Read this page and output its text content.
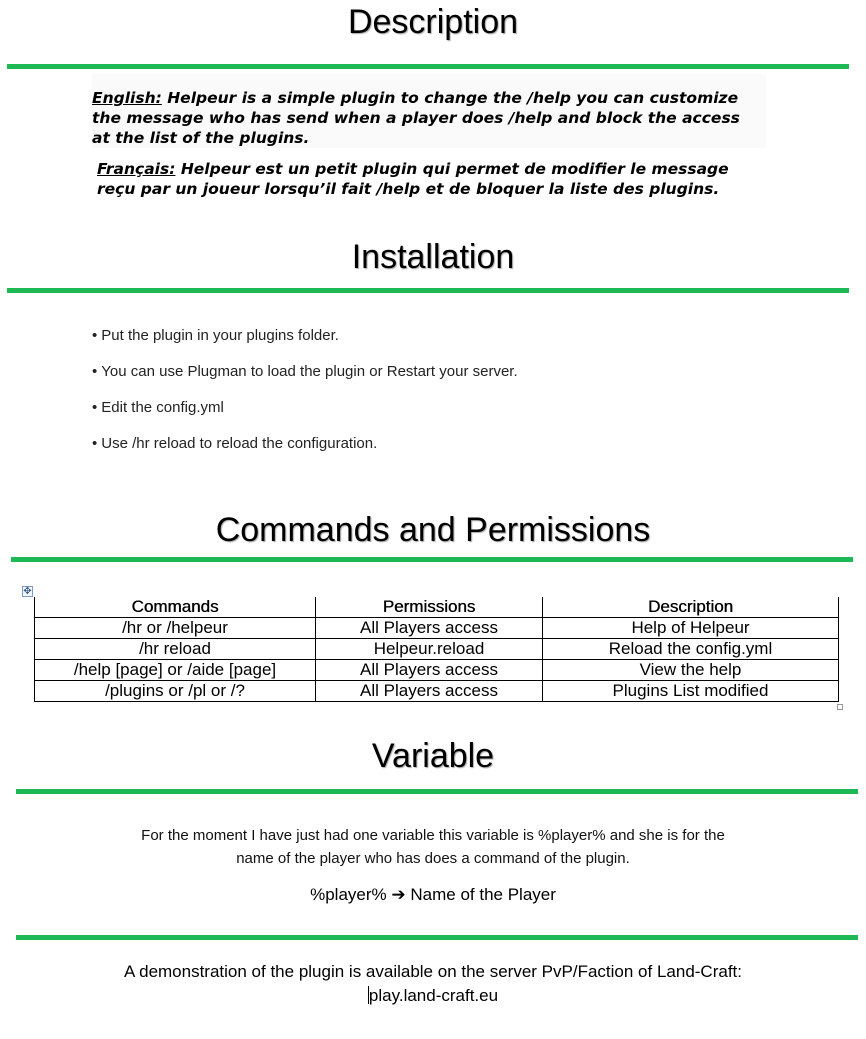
Description

English: Helpeur is a simple plugin to change the /help you can customize the message who has send when a player does /help and block the access at the list of the plugins.

Français: Helpeur est un petit plugin qui permet de modifier le message reçu par un joueur lorsqu’il fait /help et de bloquer la liste des plugins.

Installation
• Put the plugin in your plugins folder.
• You can use Plugman to load the plugin or Restart your server.
• Edit the config.yml
• Use /hr reload to reload the configuration.
Commands and Permissions
✥
Commands	Permissions	Description
/hr or /helpeur	All Players access	Help of Helpeur
/hr reload	Helpeur.reload	Reload the config.yml
/help [page] or /aide [page]	All Players access	View the help
/plugins or /pl or /?	All Players access	Plugins List modified
Variable

For the moment I have just had one variable this variable is %player% and she is for the

name of the player who has does a command of the plugin.

%player% ➔ Name of the Player

A demonstration of the plugin is available on the server PvP/Faction of Land-Craft:

play.land-craft.eu
